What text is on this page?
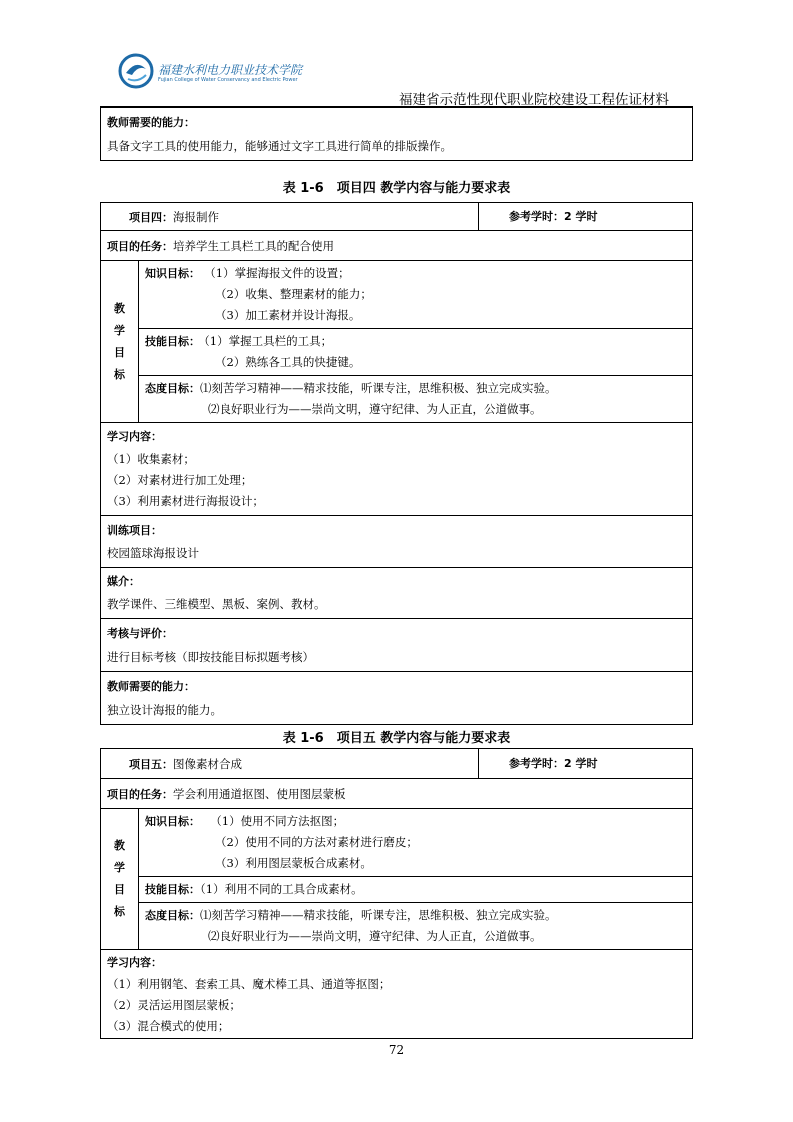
福建水利电力职业技术学院
Fujian College of Water Conservancy and Electric Power
福建省示范性现代职业院校建设工程佐证材料
教师需要的能力：
具备文字工具的使用能力，能够通过文字工具进行简单的排版操作。
表 1-6　项目四 教学内容与能力要求表
项目四：海报制作	参考学时：2 学时
项目的任务：培养学生工具栏工具的配合使用
教
学
目
标
知识目标： （1）掌握海报文件的设置；
（2）收集、整理素材的能力；
（3）加工素材并设计海报。
技能目标： （1）掌握工具栏的工具；
（2）熟练各工具的快捷键。
态度目标：⑴刻苦学习精神——精求技能，听课专注，思维积极、独立完成实验。
⑵良好职业行为——崇尚文明，遵守纪律、为人正直，公道做事。
学习内容：
（1）收集素材；
（2）对素材进行加工处理；
（3）利用素材进行海报设计；
训练项目：
校园篮球海报设计
媒介：
教学课件、三维模型、黑板、案例、教材。
考核与评价：
进行目标考核（即按技能目标拟题考核）
教师需要的能力：
独立设计海报的能力。
表 1-6　项目五 教学内容与能力要求表
项目五：图像素材合成	参考学时：2 学时
项目的任务：学会利用通道抠图、使用图层蒙板
教
学
目
标
知识目标： （1）使用不同方法抠图；
（2）使用不同的方法对素材进行磨皮；
（3）利用图层蒙板合成素材。
技能目标：（1）利用不同的工具合成素材。
态度目标：⑴刻苦学习精神——精求技能，听课专注，思维积极、独立完成实验。
⑵良好职业行为——崇尚文明，遵守纪律、为人正直，公道做事。
学习内容：
（1）利用钢笔、套索工具、魔术棒工具、通道等抠图；
（2）灵活运用图层蒙板；
（3）混合模式的使用；
72
